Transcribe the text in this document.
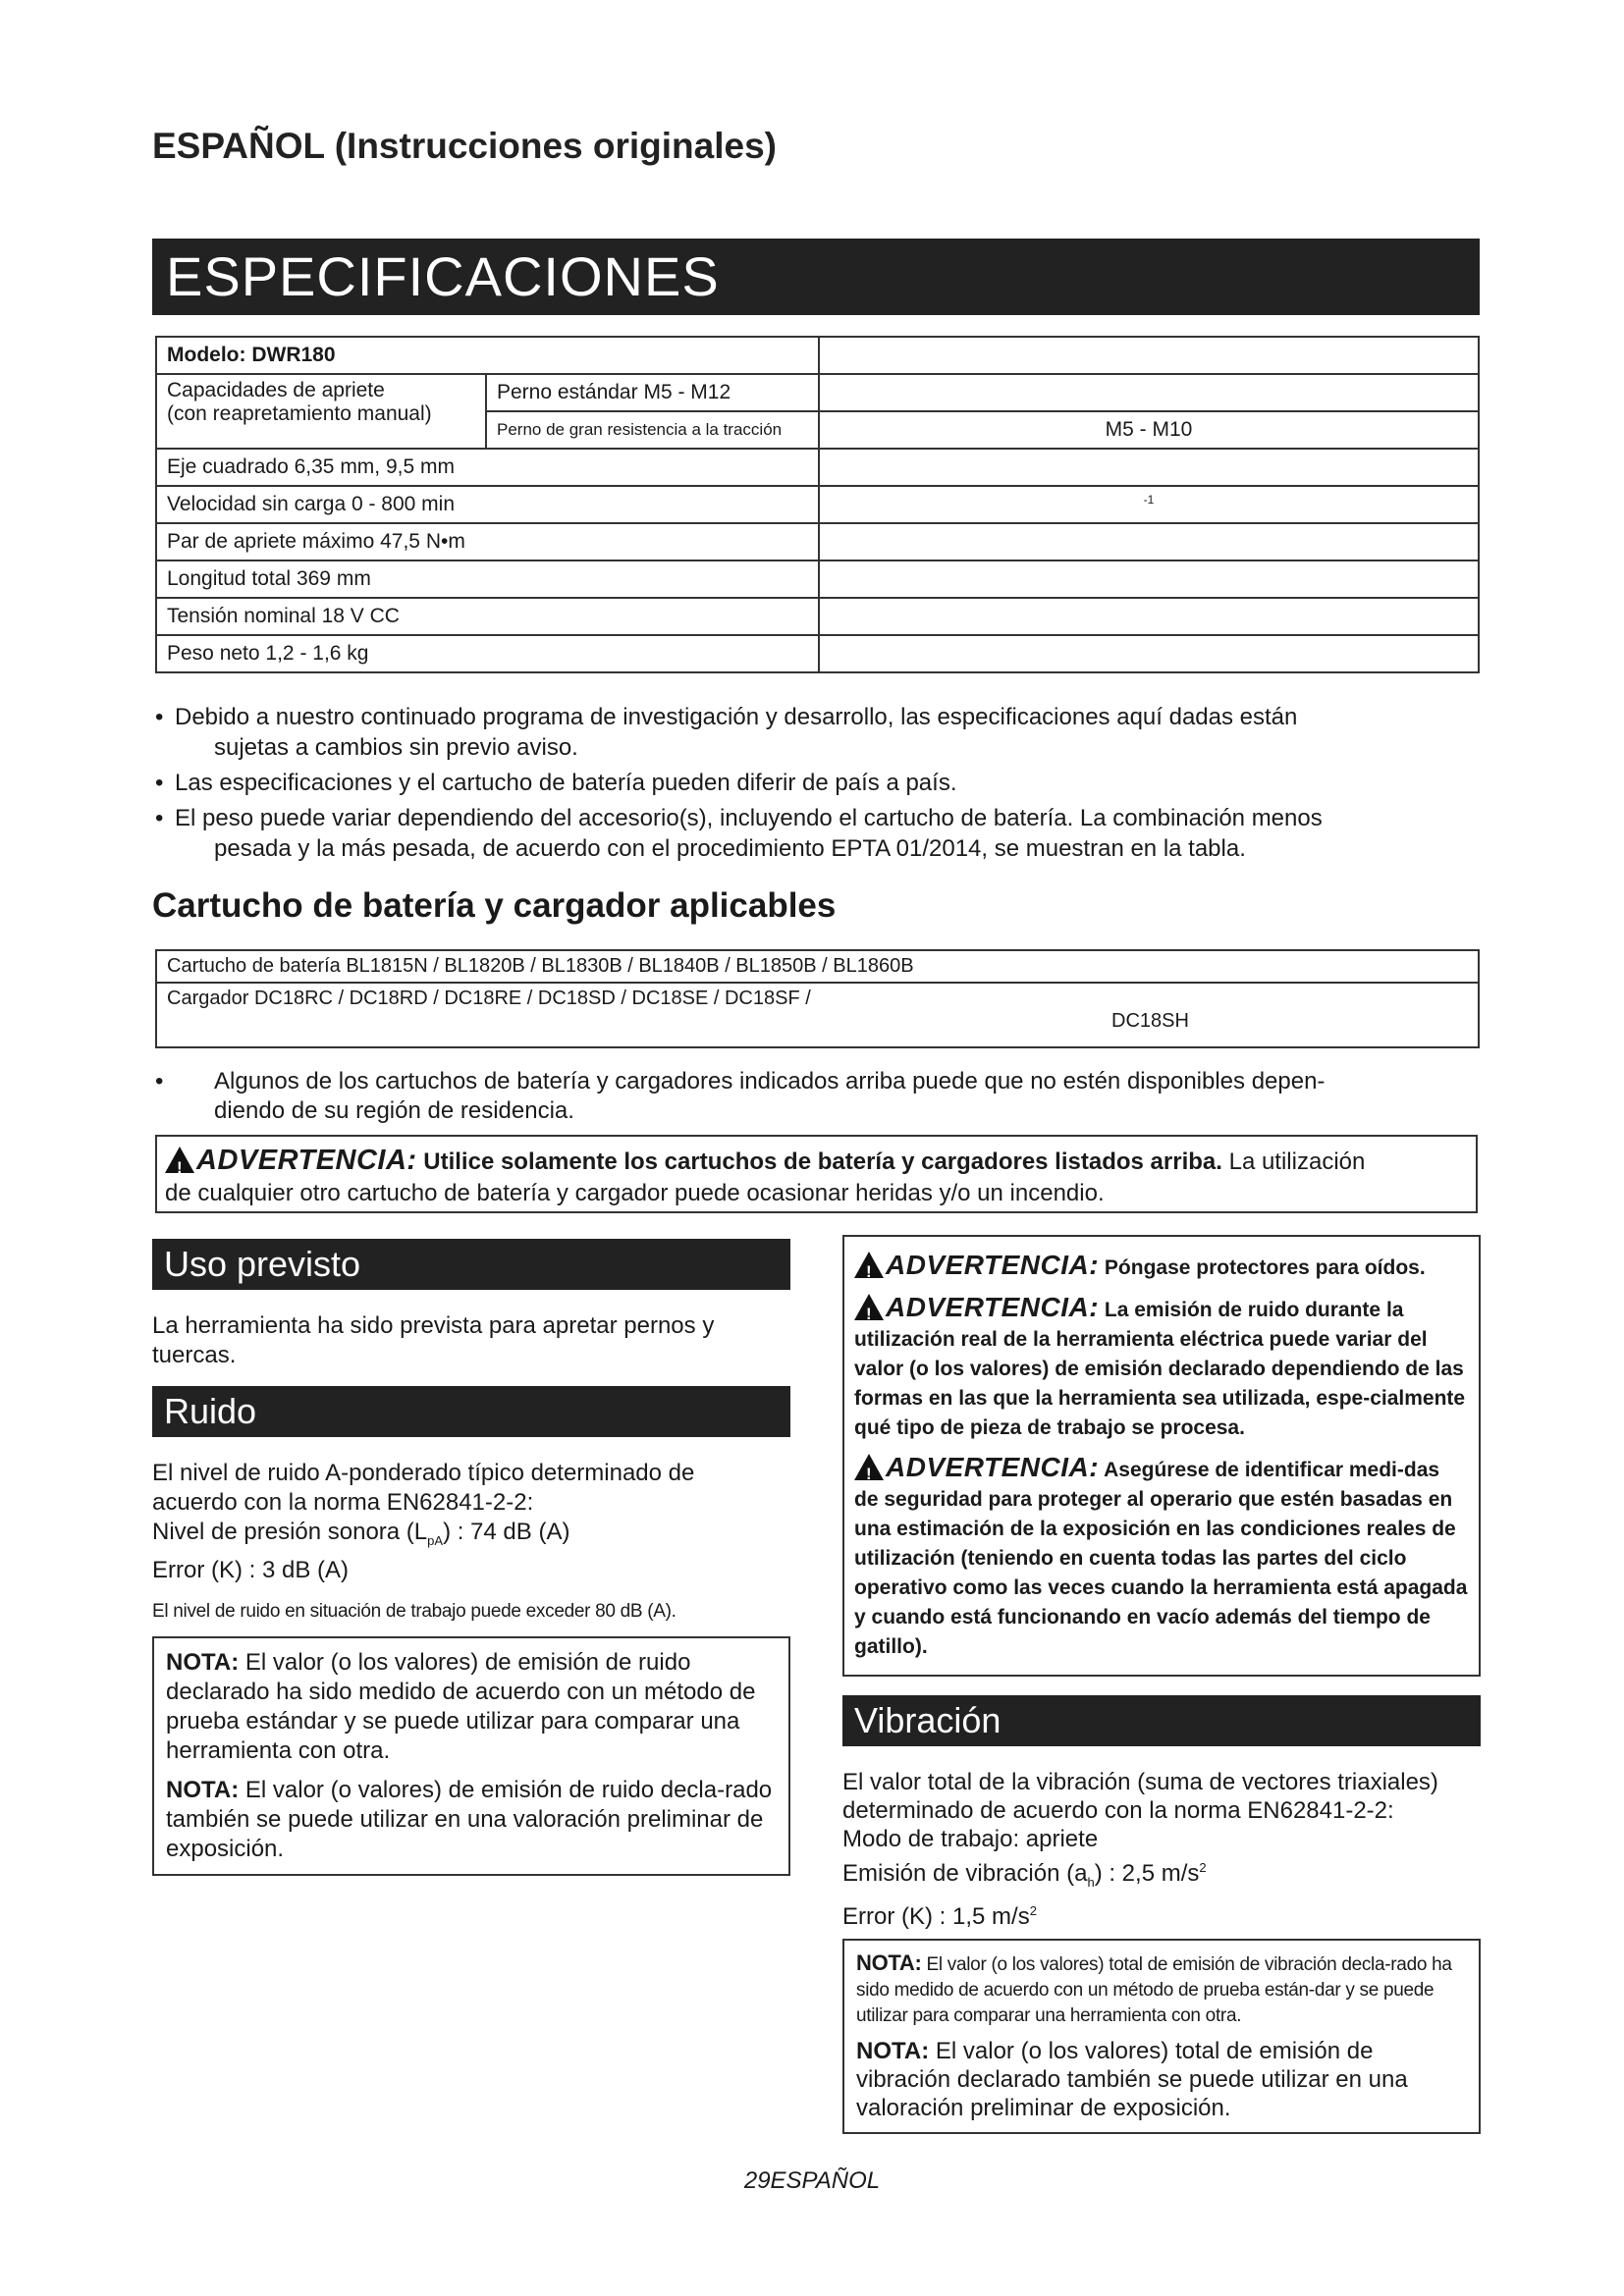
ESPAÑOL (Instrucciones originales)
ESPECIFICACIONES
Modelo: DWR180		
Capacidades de apriete
(con reapretamiento manual)	Perno estándar M5 - M12	
	Perno de gran resistencia a la tracción	M5 - M10
Eje cuadrado 6,35 mm, 9,5 mm		
Velocidad sin carga 0 - 800 min		$^{-1}$
Par de apriete máximo 47,5 N•m		
Longitud total 369 mm		
Tensión nominal 18 V CC		
Peso neto 1,2 - 1,6 kg		
• Debido a nuestro continuado programa de investigación y desarrollo, las especificaciones aquí dadas están
sujetas a cambios sin previo aviso.
• Las especificaciones y el cartucho de batería pueden diferir de país a país.
• El peso puede variar dependiendo del accesorio(s), incluyendo el cartucho de batería. La combinación menos
pesada y la más pesada, de acuerdo con el procedimiento EPTA 01/2014, se muestran en la tabla.
Cartucho de batería y cargador aplicables
Cartucho de batería BL1815N / BL1820B / BL1830B / BL1840B / BL1850B / BL1860B
Cargador DC18RC / DC18RD / DC18RE / DC18SD / DC18SE / DC18SF /
DC18SH
• Algunos de los cartuchos de batería y cargadores indicados arriba puede que no estén disponibles depen-
diendo de su región de residencia.
!ADVERTENCIA: Utilice solamente los cartuchos de batería y cargadores listados arriba. La utilización
de cualquier otro cartucho de batería y cargador puede ocasionar heridas y/o un incendio.
Uso previsto
La herramienta ha sido prevista para apretar pernos y tuercas.
Ruido
El nivel de ruido A-ponderado típico determinado de acuerdo con la norma EN62841-2-2:
Nivel de presión sonora $(L_{pA})$ : 74 dB (A)
Error (K) : 3 dB (A)
El nivel de ruido en situación de trabajo puede exceder 80 dB (A).
NOTA: El valor (o los valores) de emisión de ruido declarado ha sido medido de acuerdo con un método de prueba estándar y se puede utilizar para comparar una herramienta con otra.
NOTA: El valor (o valores) de emisión de ruido decla-rado también se puede utilizar en una valoración preliminar de exposición.

!ADVERTENCIA: Póngase protectores para oídos.

!ADVERTENCIA: La emisión de ruido durante la utilización real de la herramienta eléctrica puede variar del valor (o los valores) de emisión declarado dependiendo de las formas en las que la herramienta sea utilizada, espe-cialmente qué tipo de pieza de trabajo se procesa.

!ADVERTENCIA: Asegúrese de identificar medi-das de seguridad para proteger al operario que estén basadas en una estimación de la exposición en las condiciones reales de utilización (teniendo en cuenta todas las partes del ciclo operativo como las veces cuando la herramienta está apagada y cuando está funcionando en vacío además del tiempo de gatillo).

Vibración
El valor total de la vibración (suma de vectores triaxiales) determinado de acuerdo con la norma EN62841-2-2:
Modo de trabajo: apriete
Emisión de vibración $(a_h)$ : 2,5 $m/s^2$
Error (K) : 1,5 $m/s^2$
NOTA: El valor (o los valores) total de emisión de vibración decla-rado ha sido medido de acuerdo con un método de prueba están-dar y se puede utilizar para comparar una herramienta con otra.
NOTA: El valor (o los valores) total de emisión de vibración declarado también se puede utilizar en una valoración preliminar de exposición.
29ESPAÑOL
